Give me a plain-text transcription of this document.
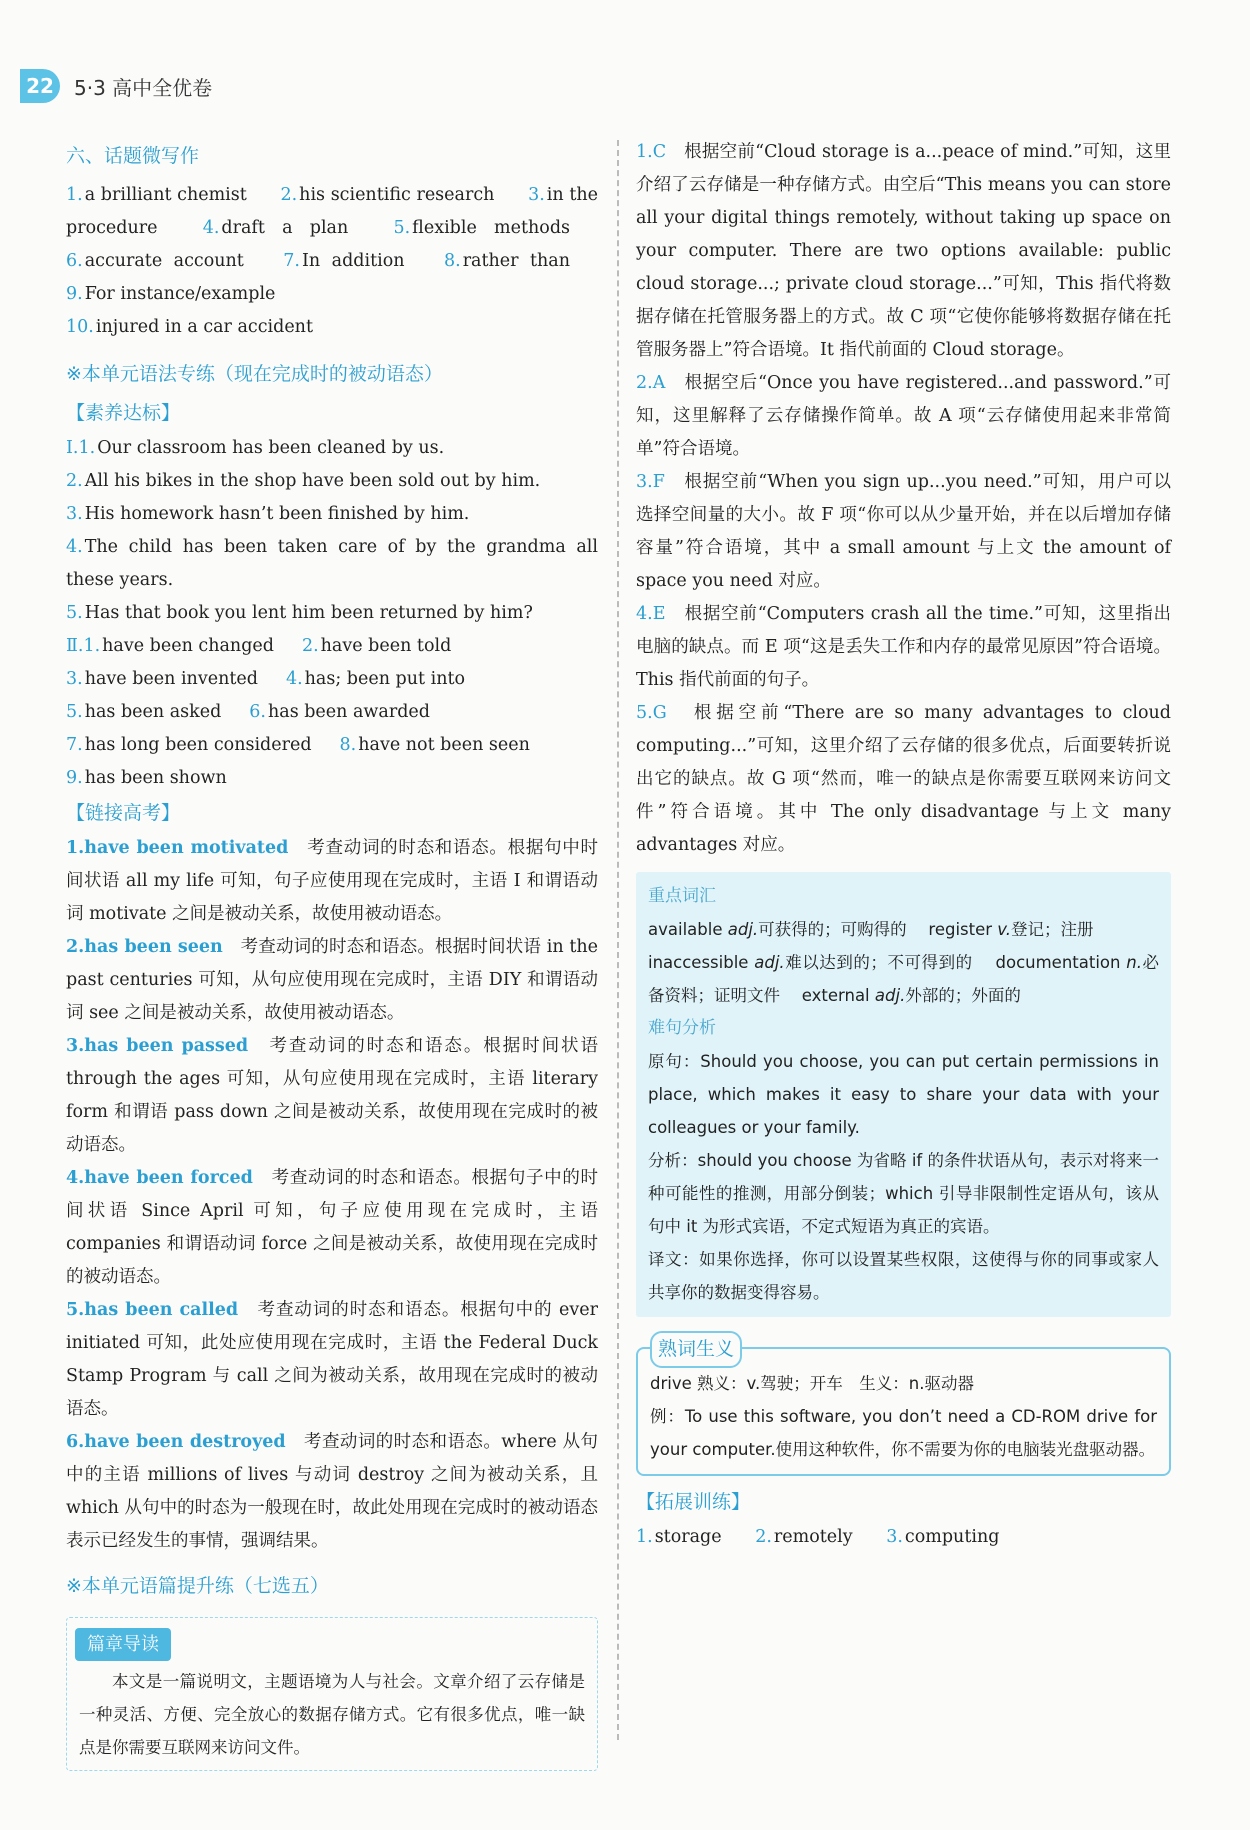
22	5·3 高中全优卷
六、话题微写作

1. a brilliant chemist 2. his scientific research 3. in the procedure	4. draft a plan	5. flexible methods 6. accurate account 7. In addition 8. rather than 9. For instance/example
10. injured in a car accident

※本单元语法专练（现在完成时的被动语态）
【素养达标】

Ⅰ.1. Our classroom has been cleaned by us.

2. All his bikes in the shop have been sold out by him.

3. His homework hasn’t been finished by him.

4. The child has been taken care of by the grandma all these years.

5. Has that book you lent him been returned by him?

Ⅱ.1. have been changed 2. have been told

3. have been invented 4. has; been put into

5. has been asked 6. has been awarded

7. has long been considered 8. have not been seen

9. has been shown

【链接高考】

1.have been motivated　 考查动词的时态和语态。根据句中时间状语 all my life 可知，句子应使用现在完成时，主语 I 和谓语动词 motivate 之间是被动关系，故使用被动语态。

2.has been seen　 考查动词的时态和语态。根据时间状语 in the past centuries 可知，从句应使用现在完成时，主语 DIY 和谓语动词 see 之间是被动关系，故使用被动语态。

3.has been passed　 考查动词的时态和语态。根据时间状语 through the ages 可知，从句应使用现在完成时，主语 literary form 和谓语 pass down 之间是被动关系，故使用现在完成时的被动语态。

4.have been forced　 考查动词的时态和语态。根据句子中的时间状语 Since April 可知，句子应使用现在完成时，主语 companies 和谓语动词 force 之间是被动关系，故使用现在完成时的被动语态。

5.has been called　 考查动词的时态和语态。根据句中的 ever initiated 可知，此处应使用现在完成时，主语 the Federal Duck Stamp Program 与 call 之间为被动关系，故用现在完成时的被动语态。

6.have been destroyed　 考查动词的时态和语态。where 从句中的主语 millions of lives 与动词 destroy 之间为被动关系，且 which 从句中的时态为一般现在时，故此处用现在完成时的被动语态表示已经发生的事情，强调结果。

※本单元语篇提升练（七选五）
篇章导读

本文是一篇说明文，主题语境为人与社会。文章介绍了云存储是一种灵活、方便、完全放心的数据存储方式。它有很多优点，唯一缺点是你需要互联网来访问文件。

1.C　 根据空前“Cloud storage is a...peace of mind.”可知，这里介绍了云存储是一种存储方式。由空后“This means you can store all your digital things remotely, without taking up space on your computer. There are two options available: public cloud storage...; private cloud storage...”可知，This 指代将数据存储在托管服务器上的方式。故 C 项“它使你能够将数据存储在托管服务器上”符合语境。It 指代前面的 Cloud storage。

2.A　 根据空后“Once you have registered...and password.”可知，这里解释了云存储操作简单。故 A 项“云存储使用起来非常简单”符合语境。

3.F　 根据空前“When you sign up...you need.”可知，用户可以选择空间量的大小。故 F 项“你可以从少量开始，并在以后增加存储容量”符合语境，其中 a small amount 与上文 the amount of space you need 对应。

4.E　 根据空前“Computers crash all the time.”可知，这里指出电脑的缺点。而 E 项“这是丢失工作和内存的最常见原因”符合语境。This 指代前面的句子。

5.G　 根据空前“There are so many advantages to cloud computing...”可知，这里介绍了云存储的很多优点，后面要转折说出它的缺点。故 G 项“然而，唯一的缺点是你需要互联网来访问文件”符合语境。其中 The only disadvantage 与上文 many advantages 对应。

重点词汇

available adj.可获得的；可购得的 　 register v.登记；注册
inaccessible adj.难以达到的；不可得到的 　 documentation n.必备资料；证明文件 　 external adj.外部的；外面的

难句分析

原句：Should you choose, you can put certain permissions in place, which makes it easy to share your data with your colleagues or your family.

分析：should you choose 为省略 if 的条件状语从句，表示对将来一种可能性的推测，用部分倒装；which 引导非限制性定语从句，该从句中 it 为形式宾语，不定式短语为真正的宾语。

译文：如果你选择，你可以设置某些权限，这使得与你的同事或家人共享你的数据变得容易。

熟词生义

drive 熟义：v.驾驶；开车　生义：n.驱动器

例：To use this software, you don’t need a CD-ROM drive for your computer.使用这种软件，你不需要为你的电脑装光盘驱动器。

【拓展训练】

1. storage 2. remotely 3. computing
